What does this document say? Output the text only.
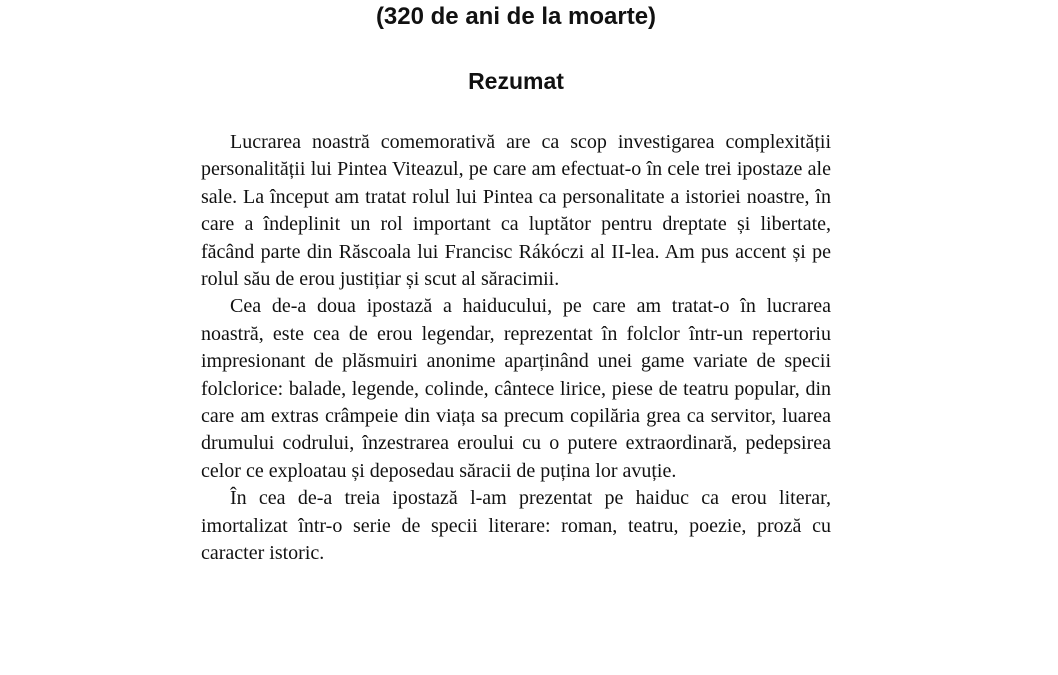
(320 de ani de la moarte)
Rezumat

Lucrarea noastră comemorativă are ca scop investigarea complexității personalității lui Pintea Viteazul, pe care am efectuat-o în cele trei ipostaze ale sale. La început am tratat rolul lui Pintea ca personalitate a istoriei noastre, în care a îndeplinit un rol important ca luptător pentru dreptate și libertate, făcând parte din Răscoala lui Francisc Rákóczi al II-lea. Am pus accent și pe rolul său de erou justițiar și scut al săracimii.

Cea de-a doua ipostază a haiducului, pe care am tratat-o în lucrarea noastră, este cea de erou legendar, reprezentat în folclor într-un repertoriu impresionant de plăsmuiri anonime aparținând unei game variate de specii folclorice: balade, legende, colinde, cântece lirice, piese de teatru popular, din care am extras crâmpeie din viața sa precum copilăria grea ca servitor, luarea drumului codrului, înzestrarea eroului cu o putere extraordinară, pedepsirea celor ce exploatau și deposedau săracii de puțina lor avuție.

În cea de-a treia ipostază l-am prezentat pe haiduc ca erou literar, imortalizat într-o serie de specii literare: roman, teatru, poezie, proză cu caracter istoric.
